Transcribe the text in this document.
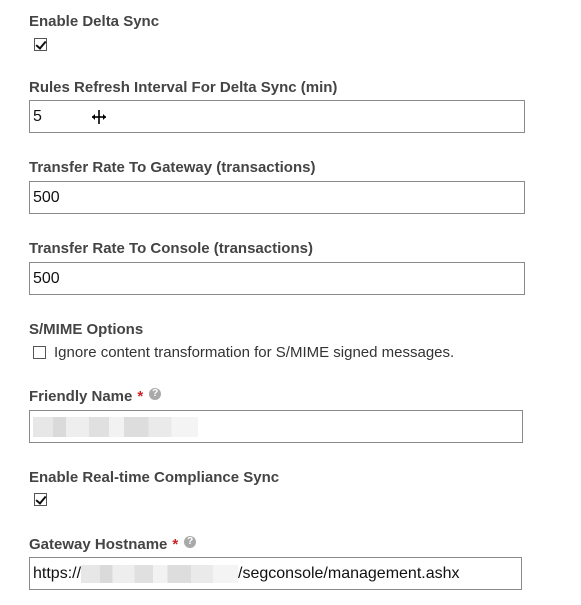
Enable Delta Sync
Rules Refresh Interval For Delta Sync (min)
5
Transfer Rate To Gateway (transactions)
500
Transfer Rate To Console (transactions)
500
S/MIME Options
Ignore content transformation for S/MIME signed messages.
Friendly Name * ?
Enable Real-time Compliance Sync
Gateway Hostname * ?
https://	/segconsole/management.ashx
